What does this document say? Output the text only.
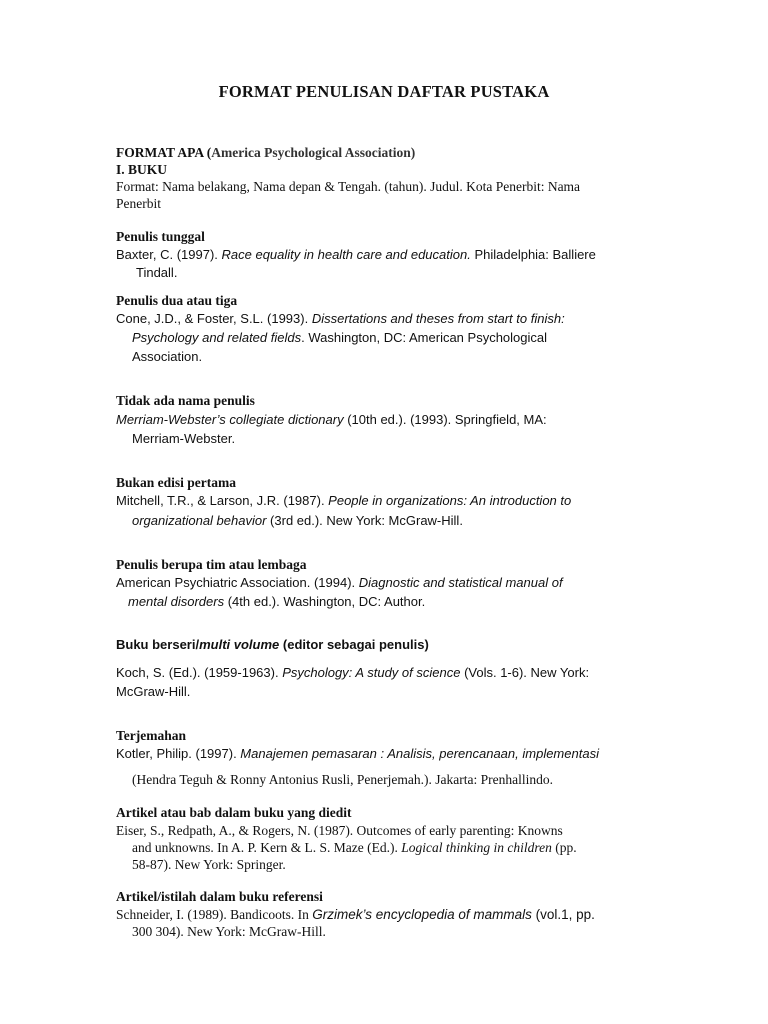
FORMAT PENULISAN DAFTAR PUSTAKA
FORMAT APA (America Psychological Association)
I. BUKU
Format: Nama belakang, Nama depan & Tengah. (tahun). Judul. Kota Penerbit: Nama
Penerbit
Penulis tunggal
Baxter, C. (1997). Race equality in health care and education. Philadelphia: Balliere
Tindall.
Penulis dua atau tiga
Cone, J.D., & Foster, S.L. (1993). Dissertations and theses from start to finish:
Psychology and related fields. Washington, DC: American Psychological
Association.
Tidak ada nama penulis
Merriam-Webster’s collegiate dictionary (10th ed.). (1993). Springfield, MA:
Merriam-Webster.
Bukan edisi pertama
Mitchell, T.R., & Larson, J.R. (1987). People in organizations: An introduction to
organizational behavior (3rd ed.). New York: McGraw-Hill.
Penulis berupa tim atau lembaga
American Psychiatric Association. (1994). Diagnostic and statistical manual of
mental disorders (4th ed.). Washington, DC: Author.
Buku berseri/multi volume (editor sebagai penulis)
Koch, S. (Ed.). (1959-1963). Psychology: A study of science (Vols. 1-6). New York:
McGraw-Hill.
Terjemahan
Kotler, Philip. (1997). Manajemen pemasaran : Analisis, perencanaan, implementasi
(Hendra Teguh & Ronny Antonius Rusli, Penerjemah.). Jakarta: Prenhallindo.
Artikel atau bab dalam buku yang diedit
Eiser, S., Redpath, A., & Rogers, N. (1987). Outcomes of early parenting: Knowns
and unknowns. In A. P. Kern & L. S. Maze (Ed.). Logical thinking in children (pp.
58-87). New York: Springer.
Artikel/istilah dalam buku referensi
Schneider, I. (1989). Bandicoots. In Grzimek’s encyclopedia of mammals (vol.1, pp.
300 304). New York: McGraw-Hill.
